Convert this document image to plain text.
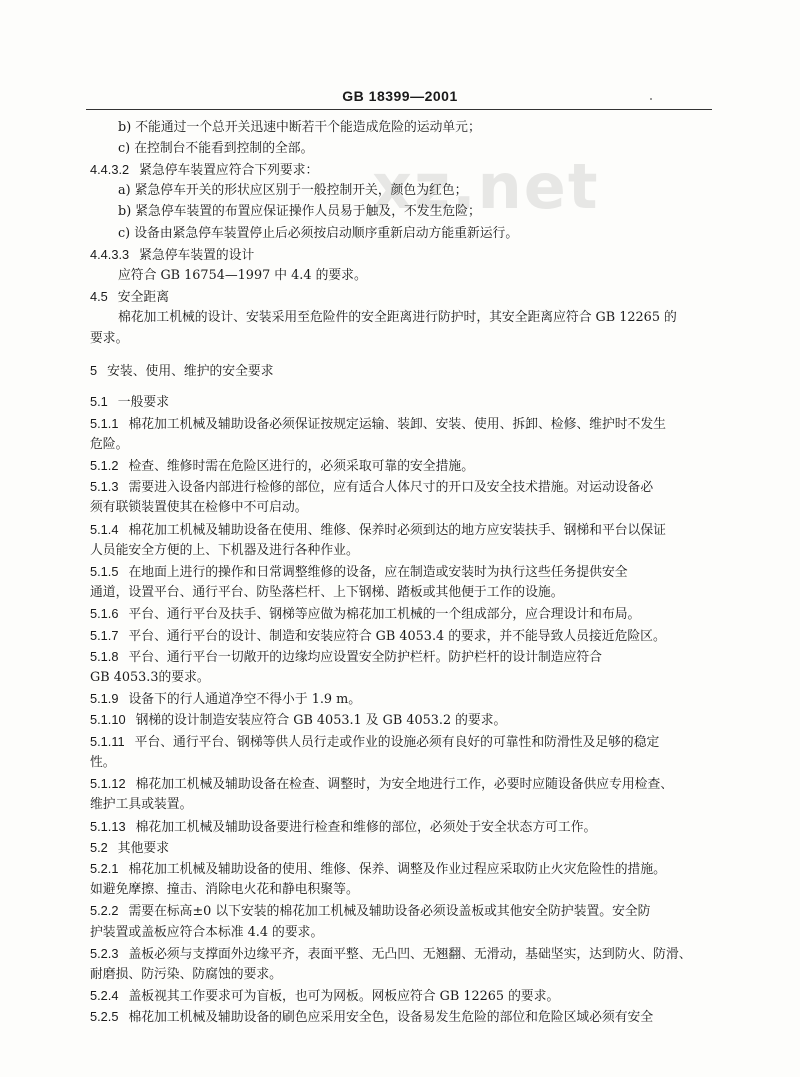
GB 18399—2001
xz.net
b) 不能通过一个总开关迅速中断若干个能造成危险的运动单元；
c) 在控制台不能看到控制的全部。
4.4.3.2 紧急停车装置应符合下列要求：
a) 紧急停车开关的形状应区别于一般控制开关，颜色为红色；
b) 紧急停车装置的布置应保证操作人员易于触及，不发生危险；
c) 设备由紧急停车装置停止后必须按启动顺序重新启动方能重新运行。
4.4.3.3 紧急停车装置的设计
应符合 GB 16754—1997 中 4.4 的要求。
4.5 安全距离
棉花加工机械的设计、安装采用至危险件的安全距离进行防护时，其安全距离应符合 GB 12265 的
要求。
5 安装、使用、维护的安全要求
5.1 一般要求
5.1.1 棉花加工机械及辅助设备必须保证按规定运输、装卸、安装、使用、拆卸、检修、维护时不发生
危险。
5.1.2 检查、维修时需在危险区进行的，必须采取可靠的安全措施。
5.1.3 需要进入设备内部进行检修的部位，应有适合人体尺寸的开口及安全技术措施。对运动设备必
须有联锁装置使其在检修中不可启动。
5.1.4 棉花加工机械及辅助设备在使用、维修、保养时必须到达的地方应安装扶手、钢梯和平台以保证
人员能安全方便的上、下机器及进行各种作业。
5.1.5 在地面上进行的操作和日常调整维修的设备，应在制造或安装时为执行这些任务提供安全
通道，设置平台、通行平台、防坠落栏杆、上下钢梯、踏板或其他便于工作的设施。
5.1.6 平台、通行平台及扶手、钢梯等应做为棉花加工机械的一个组成部分，应合理设计和布局。
5.1.7 平台、通行平台的设计、制造和安装应符合 GB 4053.4 的要求，并不能导致人员接近危险区。
5.1.8 平台、通行平台一切敞开的边缘均应设置安全防护栏杆。防护栏杆的设计制造应符合
GB 4053.3的要求。
5.1.9 设备下的行人通道净空不得小于 1.9 m。
5.1.10 钢梯的设计制造安装应符合 GB 4053.1 及 GB 4053.2 的要求。
5.1.11 平台、通行平台、钢梯等供人员行走或作业的设施必须有良好的可靠性和防滑性及足够的稳定
性。
5.1.12 棉花加工机械及辅助设备在检查、调整时，为安全地进行工作，必要时应随设备供应专用检查、
维护工具或装置。
5.1.13 棉花加工机械及辅助设备要进行检查和维修的部位，必须处于安全状态方可工作。
5.2 其他要求
5.2.1 棉花加工机械及辅助设备的使用、维修、保养、调整及作业过程应采取防止火灾危险性的措施。
如避免摩擦、撞击、消除电火花和静电积聚等。
5.2.2 需要在标高±0 以下安装的棉花加工机械及辅助设备必须设盖板或其他安全防护装置。安全防
护装置或盖板应符合本标准 4.4 的要求。
5.2.3 盖板必须与支撑面外边缘平齐，表面平整、无凸凹、无翘翻、无滑动，基础坚实，达到防火、防滑、
耐磨损、防污染、防腐蚀的要求。
5.2.4 盖板视其工作要求可为盲板，也可为网板。网板应符合 GB 12265 的要求。
5.2.5 棉花加工机械及辅助设备的刷色应采用安全色，设备易发生危险的部位和危险区域必须有安全
